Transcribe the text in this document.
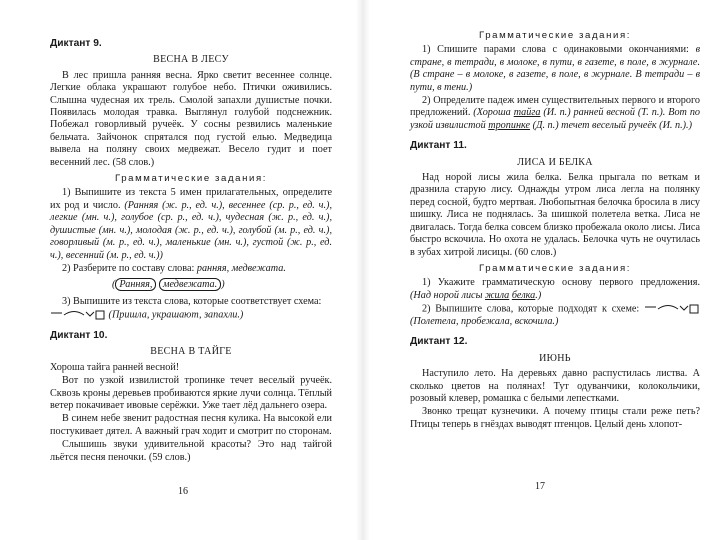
Диктант 9.
ВЕСНА В ЛЕСУ
В лес пришла ранняя весна. Ярко светит весеннее солнце. Легкие облака украшают голубое небо. Птички оживились. Слышна чудесная их трель. Смолой запахли душистые почки. Появилась молодая травка. Выглянул голубой подснежник. Побежал говорливый ручеёк. У сосны резвились маленькие бельчата. Зайчонок спрятался под густой елью. Медведица вывела на поляну своих медвежат. Весело гудит и поет весенний лес. (58 слов.)
Грамматические задания:
1) Выпишите из текста 5 имен прилагательных, определите их род и число. (Ранняя (ж. р., ед. ч.), весеннее (ср. р., ед. ч.), легкие (мн. ч.), голубое (ср. р., ед. ч.), чудесная (ж. р., ед. ч.), душистые (мн. ч.), молодая (ж. р., ед. ч.), голубой (м. р., ед. ч.), говорливый (м. р., ед. ч.), маленькие (мн. ч.), густой (ж. р., ед. ч.), весенний (м. р., ед. ч.))
2) Разберите по составу слова: ранняя, медвежата.
( Ранняя, медвежата. )
3) Выпишите из текста слова, которые соответствует схема:
(Пришла, украшают, запахли.)
Диктант 10.
ВЕСНА В ТАЙГЕ
Хороша тайга ранней весной!
Вот по узкой извилистой тропинке течет веселый ручеёк. Сквозь кроны деревьев пробиваются яркие лучи солнца. Тёплый ветер покачивает ивовые серёжки. Уже тает лёд дальнего озера.
В синем небе звенит радостная песня кулика. На высокой ели постукивает дятел. А важный грач ходит и смотрит по сторонам.
Слышишь звуки удивительной красоты? Это над тайгой льётся песня пеночки. (59 слов.)
16
Грамматические задания:
1) Спишите парами слова с одинаковыми окончаниями: в стране, в тетради, в молоке, в пути, в газете, в поле, в журнале. (В стране – в молоке, в газете, в поле, в журнале. В тетради – в пути, в тени.)
2) Определите падеж имен существительных первого и второго предложений. (Хороша тайга (И. п.) ранней весной (Т. п.). Вот по узкой извилистой тропинке (Д. п.) течет веселый ручеёк (И. п.).)
Диктант 11.
ЛИСА И БЕЛКА
Над норой лисы жила белка. Белка прыгала по веткам и дразнила старую лису. Однажды утром лиса легла на полянку перед сосной, будто мертвая. Любопытная белочка бросила в лису шишку. Лиса не поднялась. За шишкой полетела ветка. Лиса не двигалась. Тогда белка совсем близко пробежала около лисы. Лиса быстро вскочила. Но охота не удалась. Белочка чуть не очутилась в зубах хитрой лисицы. (60 слов.)
Грамматические задания:
1) Укажите грамматическую основу первого предложения. (Над норой лисы жила белка.)
2) Выпишите слова, которые подходят к схеме:  (Полетела, пробежала, вскочила.)
Диктант 12.
ИЮНЬ
Наступило лето. На деревьях давно распустилась листва. А сколько цветов на полянах! Тут одуванчики, колокольчики, розовый клевер, ромашка с белыми лепестками.
Звонко трещат кузнечики. А почему птицы стали реже петь? Птицы теперь в гнёздах выводят птенцов. Целый день хлопот-
17
